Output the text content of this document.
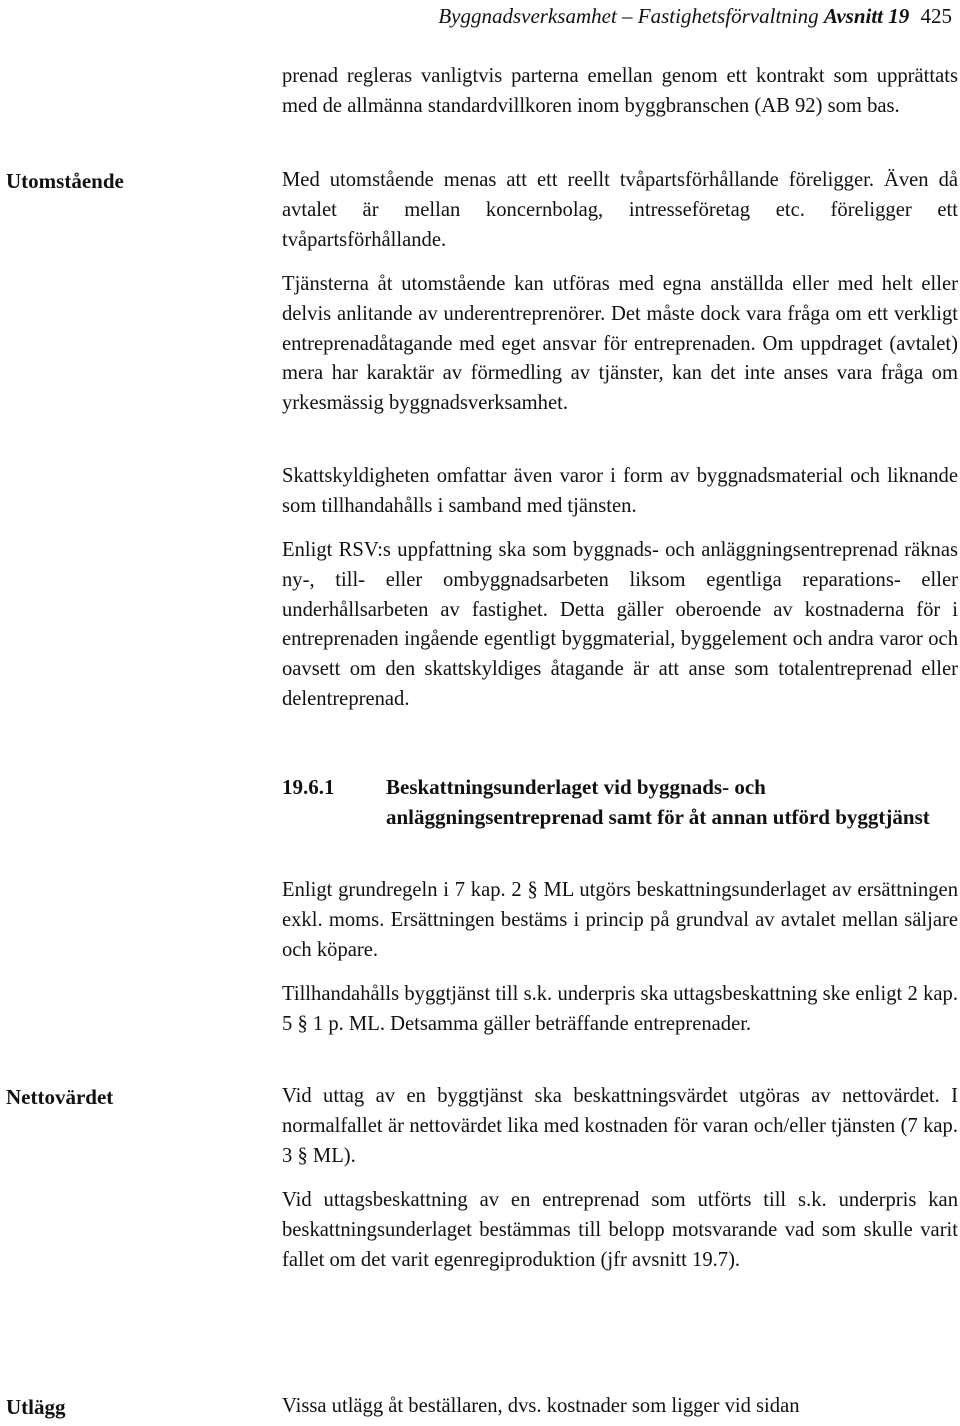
Byggnadsverksamhet – Fastighetsförvaltning Avsnitt 19 425
Utomstående
Nettovärdet
Utlägg

prenad regleras vanligtvis parterna emellan genom ett kontrakt som upprättats med de allmänna standardvillkoren inom byggbranschen (AB 92) som bas.

Med utomstående menas att ett reellt tvåpartsförhållande föreligger. Även då avtalet är mellan koncernbolag, intresseföretag etc. föreligger ett tvåpartsförhållande.

Tjänsterna åt utomstående kan utföras med egna anställda eller med helt eller delvis anlitande av underentreprenörer. Det måste dock vara fråga om ett verkligt entreprenadåtagande med eget ansvar för entreprenaden. Om uppdraget (avtalet) mera har karaktär av förmedling av tjänster, kan det inte anses vara fråga om yrkesmässig byggnadsverksamhet.

Skattskyldigheten omfattar även varor i form av byggnadsmaterial och liknande som tillhandahålls i samband med tjänsten.

Enligt RSV:s uppfattning ska som byggnads- och anläggningsentreprenad räknas ny-, till- eller ombyggnadsarbeten liksom egentliga reparations- eller underhållsarbeten av fastighet. Detta gäller oberoende av kostnaderna för i entreprenaden ingående egentligt byggmaterial, byggelement och andra varor och oavsett om den skattskyldiges åtagande är att anse som totalentreprenad eller delentreprenad.

19.6.1 Beskattningsunderlaget vid byggnads- och anläggningsentreprenad samt för åt annan utförd byggtjänst

Enligt grundregeln i 7 kap. 2 § ML utgörs beskattningsunderlaget av ersättningen exkl. moms. Ersättningen bestäms i princip på grundval av avtalet mellan säljare och köpare.

Tillhandahålls byggtjänst till s.k. underpris ska uttagsbeskattning ske enligt 2 kap. 5 § 1 p. ML. Detsamma gäller beträffande entreprenader.

Vid uttag av en byggtjänst ska beskattningsvärdet utgöras av nettovärdet. I normalfallet är nettovärdet lika med kostnaden för varan och/eller tjänsten (7 kap. 3 § ML).

Vid uttagsbeskattning av en entreprenad som utförts till s.k. underpris kan beskattningsunderlaget bestämmas till belopp motsvarande vad som skulle varit fallet om det varit egenregiproduktion (jfr avsnitt 19.7).

Vissa utlägg åt beställaren, dvs. kostnader som ligger vid sidan
